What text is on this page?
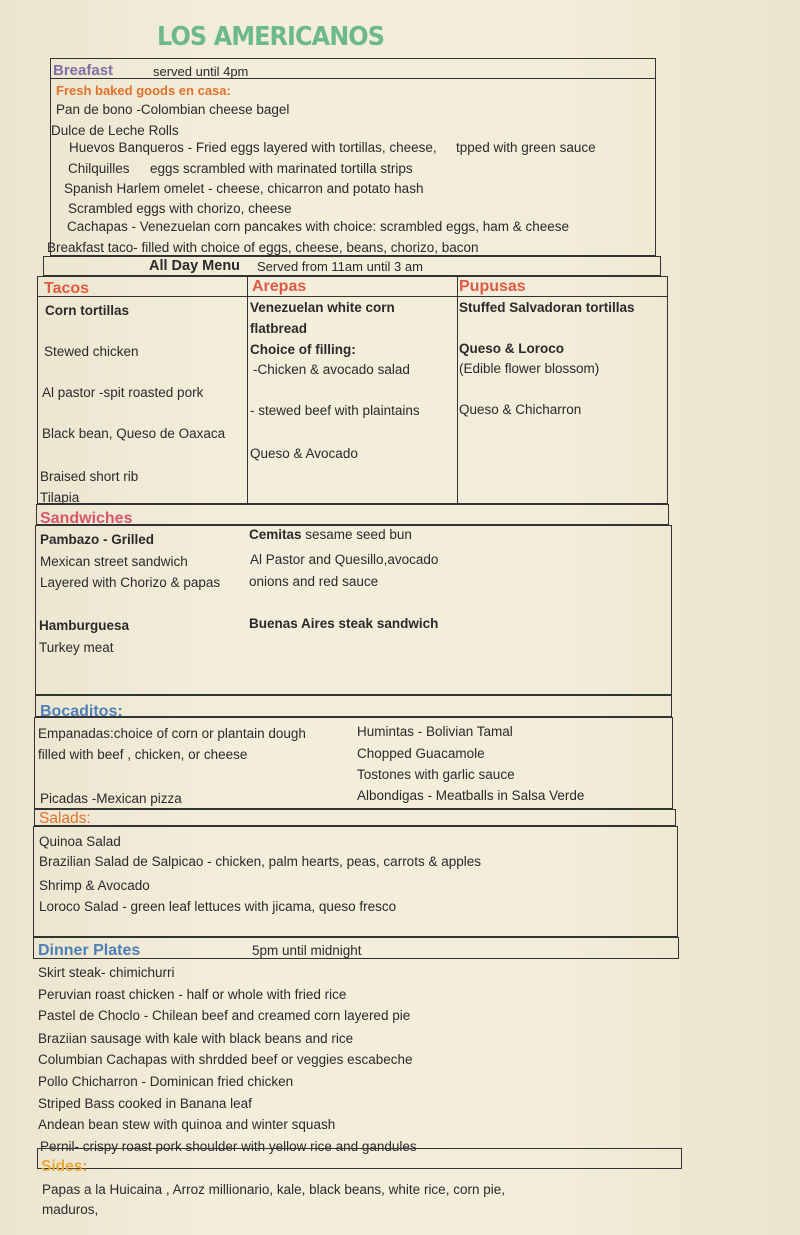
LOS AMERICANOS
Breafast	served until 4pm
Fresh baked goods en casa:
Pan de bono -Colombian cheese bagel
Dulce de Leche Rolls
Huevos Banqueros - Fried eggs layered with tortillas, cheese, tpped with green sauce
Chilquilles eggs scrambled with marinated tortilla strips
Spanish Harlem omelet - cheese, chicarron and potato hash
Scrambled eggs with chorizo, cheese
Cachapas - Venezuelan corn pancakes with choice: scrambled eggs, ham & cheese
Breakfast taco- filled with choice of eggs, cheese, beans, chorizo, bacon
All Day Menu Served from 11am until 3 am
Tacos
Corn tortillas
Stewed chicken
Al pastor -spit roasted pork
Black bean, Queso de Oaxaca
Braised short rib
Tilapia
Arepas
Venezuelan white corn
flatbread
Choice of filling:
-Chicken & avocado salad
- stewed beef with plaintains
Queso & Avocado
Pupusas
Stuffed Salvadoran tortillas
Queso & Loroco
(Edible flower blossom)
Queso & Chicharron
Sandwiches
Pambazo - Grilled
Mexican street sandwich
Layered with Chorizo & papas
Hamburguesa
Turkey meat
Cemitas sesame seed bun
Al Pastor and Quesillo,avocado
onions and red sauce
Buenas Aires steak sandwich
Bocaditos:
Empanadas:choice of corn or plantain dough
filled with beef , chicken, or cheese
Picadas -Mexican pizza
Humintas - Bolivian Tamal
Chopped Guacamole
Tostones with garlic sauce
Albondigas - Meatballs in Salsa Verde
Salads:
Quinoa Salad
Brazilian Salad de Salpicao - chicken, palm hearts, peas, carrots & apples
Shrimp & Avocado
Loroco Salad - green leaf lettuces with jicama, queso fresco
Dinner Plates	5pm until midnight
Skirt steak- chimichurri
Peruvian roast chicken - half or whole with fried rice
Pastel de Choclo - Chilean beef and creamed corn layered pie
Braziian sausage with kale with black beans and rice
Columbian Cachapas with shrdded beef or veggies escabeche
Pollo Chicharron - Dominican fried chicken
Striped Bass cooked in Banana leaf
Andean bean stew with quinoa and winter squash
Pernil- crispy roast pork shoulder with yellow rice and gandules
Sides:
Papas a la Huicaina , Arroz millionario, kale, black beans, white rice, corn pie,
maduros,
